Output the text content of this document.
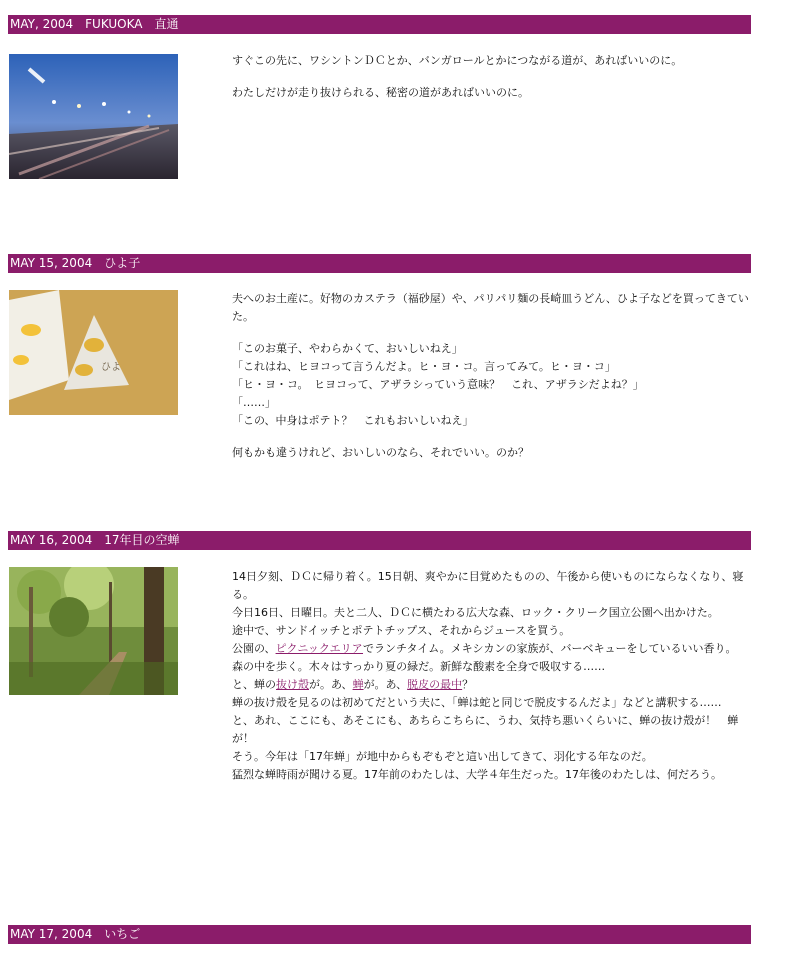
MAY, 2004　FUKUOKA　直通

すぐこの先に、ワシントンＤＣとか、バンガロールとかにつながる道が、あればいいのに。

わたしだけが走り抜けられる、秘密の道があればいいのに。

MAY 15, 2004　ひよ子
ひよ

夫へのお土産に。好物のカステラ（福砂屋）や、パリパリ麺の長崎皿うどん、ひよ子などを買ってきていた。

「このお菓子、やわらかくて、おいしいねえ」
「これはね、ヒヨコって言うんだよ。ヒ・ヨ・コ。言ってみて。ヒ・ヨ・コ」
「ヒ・ヨ・コ。　ヒヨコって、アザラシっていう意味？　これ、アザラシだよね？」
「……」
「この、中身はポテト？　これもおいしいねえ」

何もかも違うけれど、おいしいのなら、それでいい。のか？

MAY 16, 2004　17年目の空蝉
14日夕刻、ＤＣに帰り着く。15日朝、爽やかに目覚めたものの、午後から使いものにならなくなり、寝る。
今日16日、日曜日。夫と二人、ＤＣに横たわる広大な森、ロック・クリーク国立公園へ出かけた。
途中で、サンドイッチとポテトチップス、それからジュースを買う。
公園の、ピクニックエリアでランチタイム。メキシカンの家族が、バーベキューをしているいい香り。
森の中を歩く。木々はすっかり夏の緑だ。新鮮な酸素を全身で吸収する……
と、蝉の抜け殻が。あ、蝉が。あ、脱皮の最中？
蝉の抜け殻を見るのは初めてだという夫に、「蝉は蛇と同じで脱皮するんだよ」などと講釈する……
と、あれ、ここにも、あそこにも、あちらこちらに、うわ、気持ち悪いくらいに、蝉の抜け殻が！　蝉が！
そう。今年は「17年蝉」が地中からもぞもぞと這い出してきて、羽化する年なのだ。
猛烈な蝉時雨が聞ける夏。17年前のわたしは、大学４年生だった。17年後のわたしは、何だろう。
MAY 17, 2004　いちご
